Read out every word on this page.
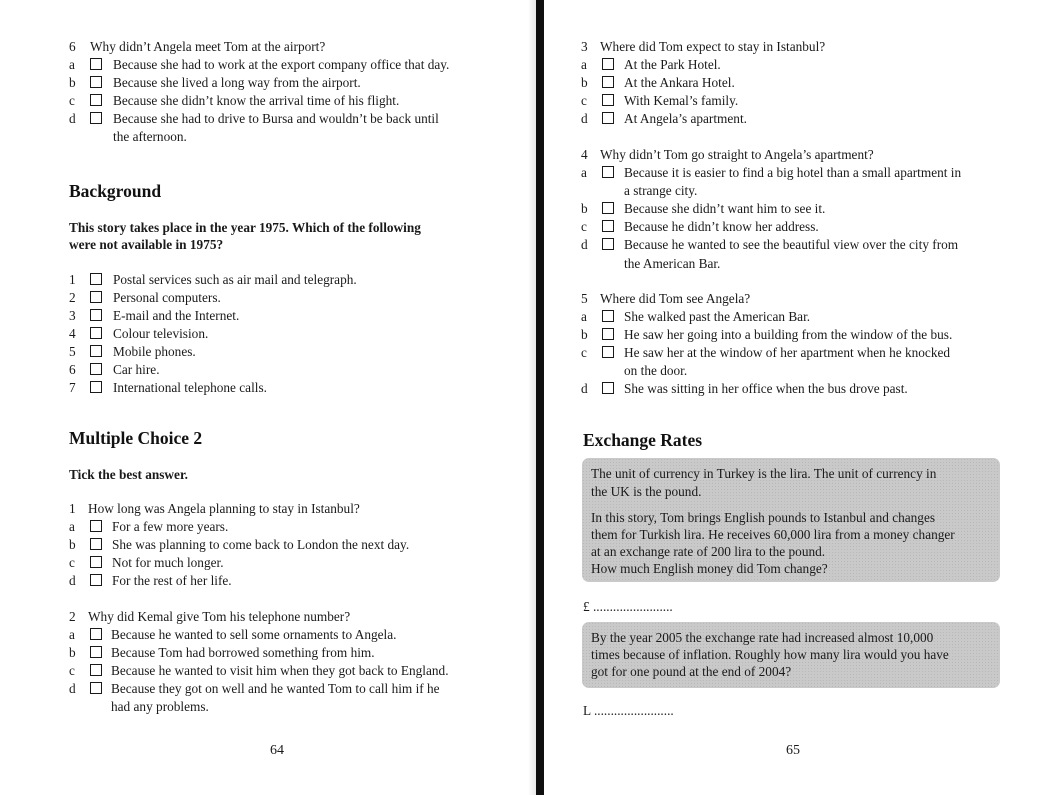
6 Why didn’t Angela meet Tom at the airport?
a	Because she had to work at the export company office that day.
b	Because she lived a long way from the airport.
c	Because she didn’t know the arrival time of his flight.
d	Because she had to drive to Bursa and wouldn’t be back until
the afternoon.
Background
This story takes place in the year 1975. Which of the following
were not available in 1975?
1	Postal services such as air mail and telegraph.
2	Personal computers.
3	E-mail and the Internet.
4	Colour television.
5	Mobile phones.
6	Car hire.
7	International telephone calls.
Multiple Choice 2
Tick the best answer.
1 How long was Angela planning to stay in Istanbul?
a	For a few more years.
b	She was planning to come back to London the next day.
c	Not for much longer.
d	For the rest of her life.
2 Why did Kemal give Tom his telephone number?
a	Because he wanted to sell some ornaments to Angela.
b	Because Tom had borrowed something from him.
c	Because he wanted to visit him when they got back to England.
d	Because they got on well and he wanted Tom to call him if he
had any problems.
64
3 Where did Tom expect to stay in Istanbul?
a	At the Park Hotel.
b	At the Ankara Hotel.
c	With Kemal’s family.
d	At Angela’s apartment.
4 Why didn’t Tom go straight to Angela’s apartment?
a	Because it is easier to find a big hotel than a small apartment in
a strange city.
b	Because she didn’t want him to see it.
c	Because he didn’t know her address.
d	Because he wanted to see the beautiful view over the city from
the American Bar.
5 Where did Tom see Angela?
a	She walked past the American Bar.
b	He saw her going into a building from the window of the bus.
c	He saw her at the window of her apartment when he knocked
on the door.
d	She was sitting in her office when the bus drove past.
Exchange Rates
The unit of currency in Turkey is the lira. The unit of currency in
the UK is the pound.
In this story, Tom brings English pounds to Istanbul and changes
them for Turkish lira. He receives 60,000 lira from a money changer
at an exchange rate of 200 lira to the pound.
How much English money did Tom change?
£ ........................
By the year 2005 the exchange rate had increased almost 10,000
times because of inflation. Roughly how many lira would you have
got for one pound at the end of 2004?
L ........................
65
